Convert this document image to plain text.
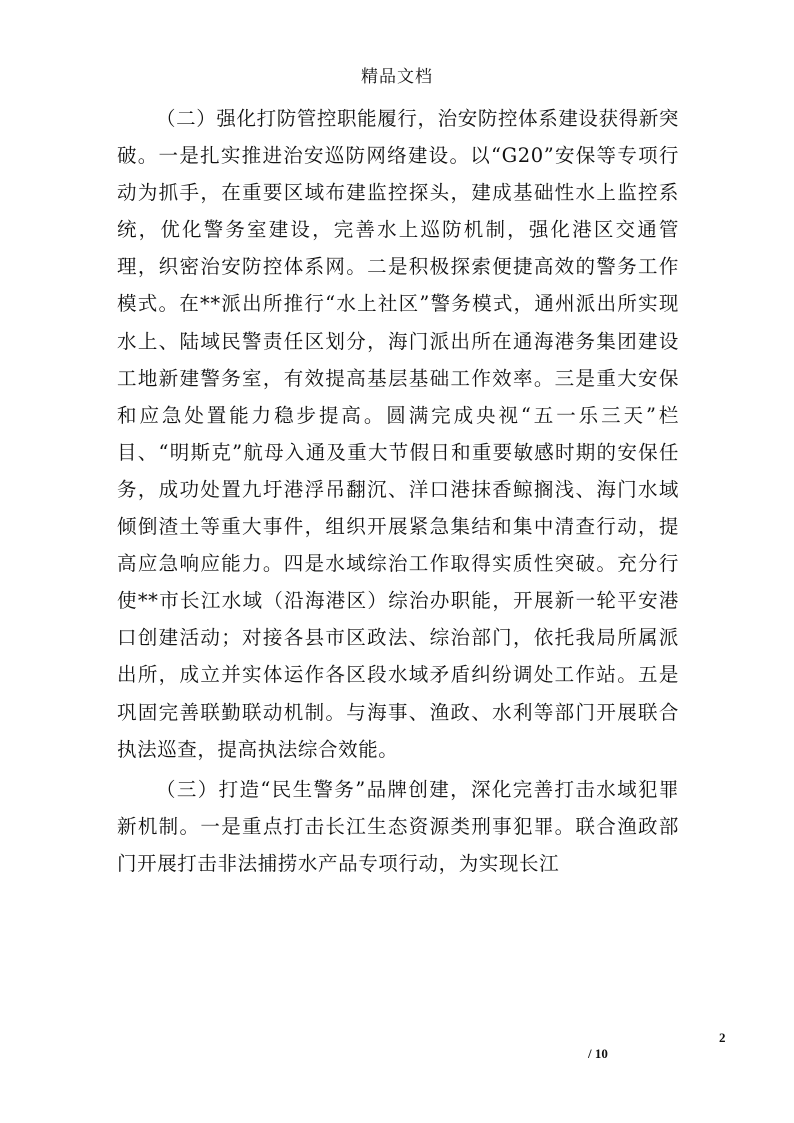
精品文档

（二）强化打防管控职能履行，治安防控体系建设获得新突破。一是扎实推进治安巡防网络建设。以“G20”安保等专项行动为抓手，在重要区域布建监控探头，建成基础性水上监控系统，优化警务室建设，完善水上巡防机制，强化港区交通管理，织密治安防控体系网。二是积极探索便捷高效的警务工作模式。在**派出所推行“水上社区”警务模式，通州派出所实现水上、陆域民警责任区划分，海门派出所在通海港务集团建设工地新建警务室，有效提高基层基础工作效率。三是重大安保和应急处置能力稳步提高。圆满完成央视“五一乐三天”栏目、“明斯克”航母入通及重大节假日和重要敏感时期的安保任务，成功处置九圩港浮吊翻沉、洋口港抹香鲸搁浅、海门水域倾倒渣土等重大事件，组织开展紧急集结和集中清查行动，提高应急响应能力。四是水域综治工作取得实质性突破。充分行使**市长江水域（沿海港区）综治办职能，开展新一轮平安港口创建活动；对接各县市区政法、综治部门，依托我局所属派出所，成立并实体运作各区段水域矛盾纠纷调处工作站。五是巩固完善联勤联动机制。与海事、渔政、水利等部门开展联合执法巡查，提高执法综合效能。

（三）打造“民生警务”品牌创建，深化完善打击水域犯罪新机制。一是重点打击长江生态资源类刑事犯罪。联合渔政部门开展打击非法捕捞水产品专项行动，为实现长江

2
/ 10
